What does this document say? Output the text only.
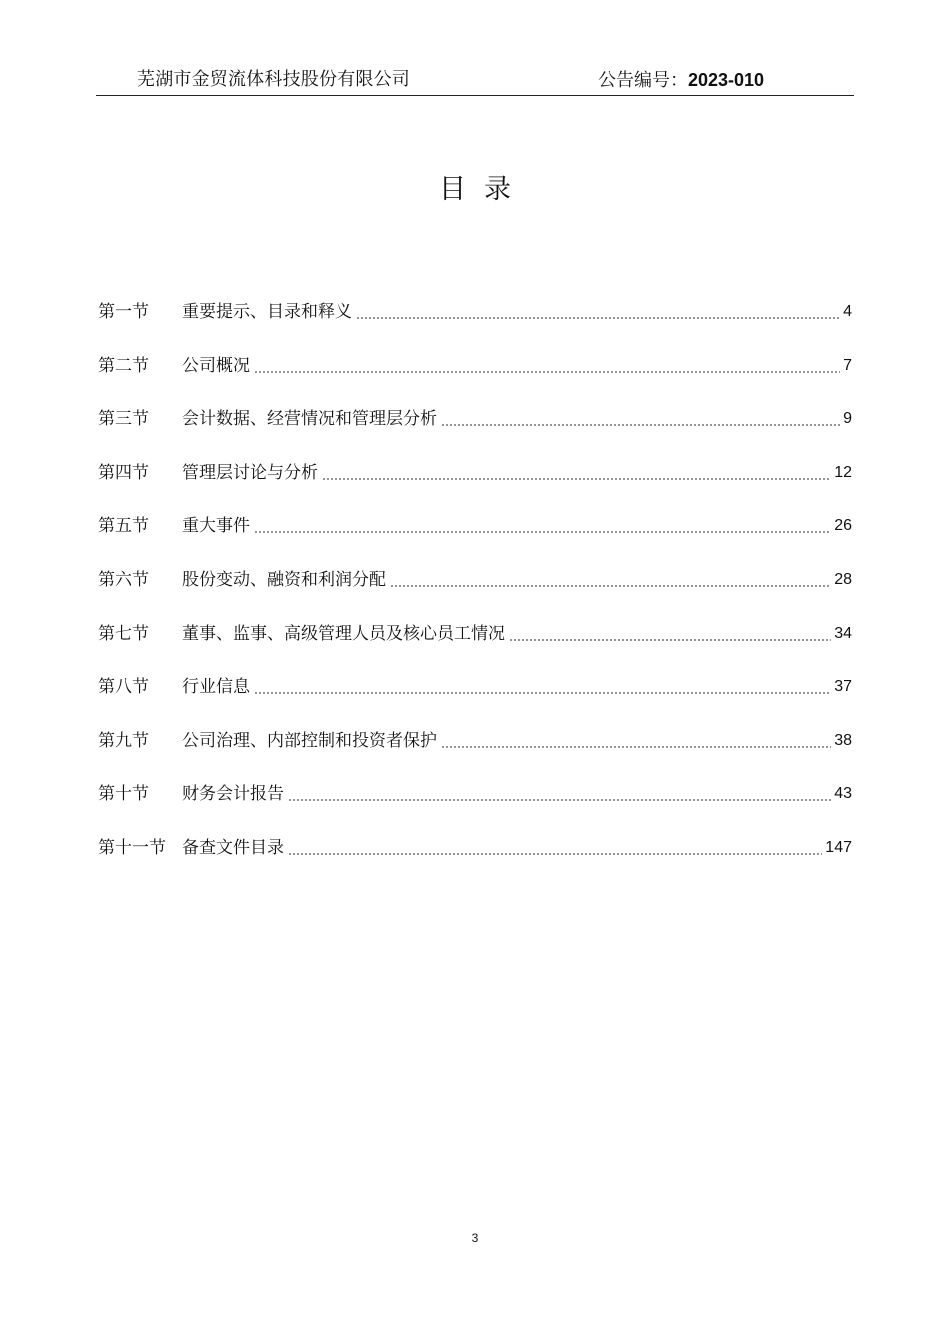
芜湖市金贸流体科技股份有限公司	公告编号：2023-010
目录
第一节	重要提示、目录和释义	4
第二节	公司概况	7
第三节	会计数据、经营情况和管理层分析	9
第四节	管理层讨论与分析	12
第五节	重大事件	26
第六节	股份变动、融资和利润分配	28
第七节	董事、监事、高级管理人员及核心员工情况	34
第八节	行业信息	37
第九节	公司治理、内部控制和投资者保护	38
第十节	财务会计报告	43
第十一节 备查文件目录	147
3
